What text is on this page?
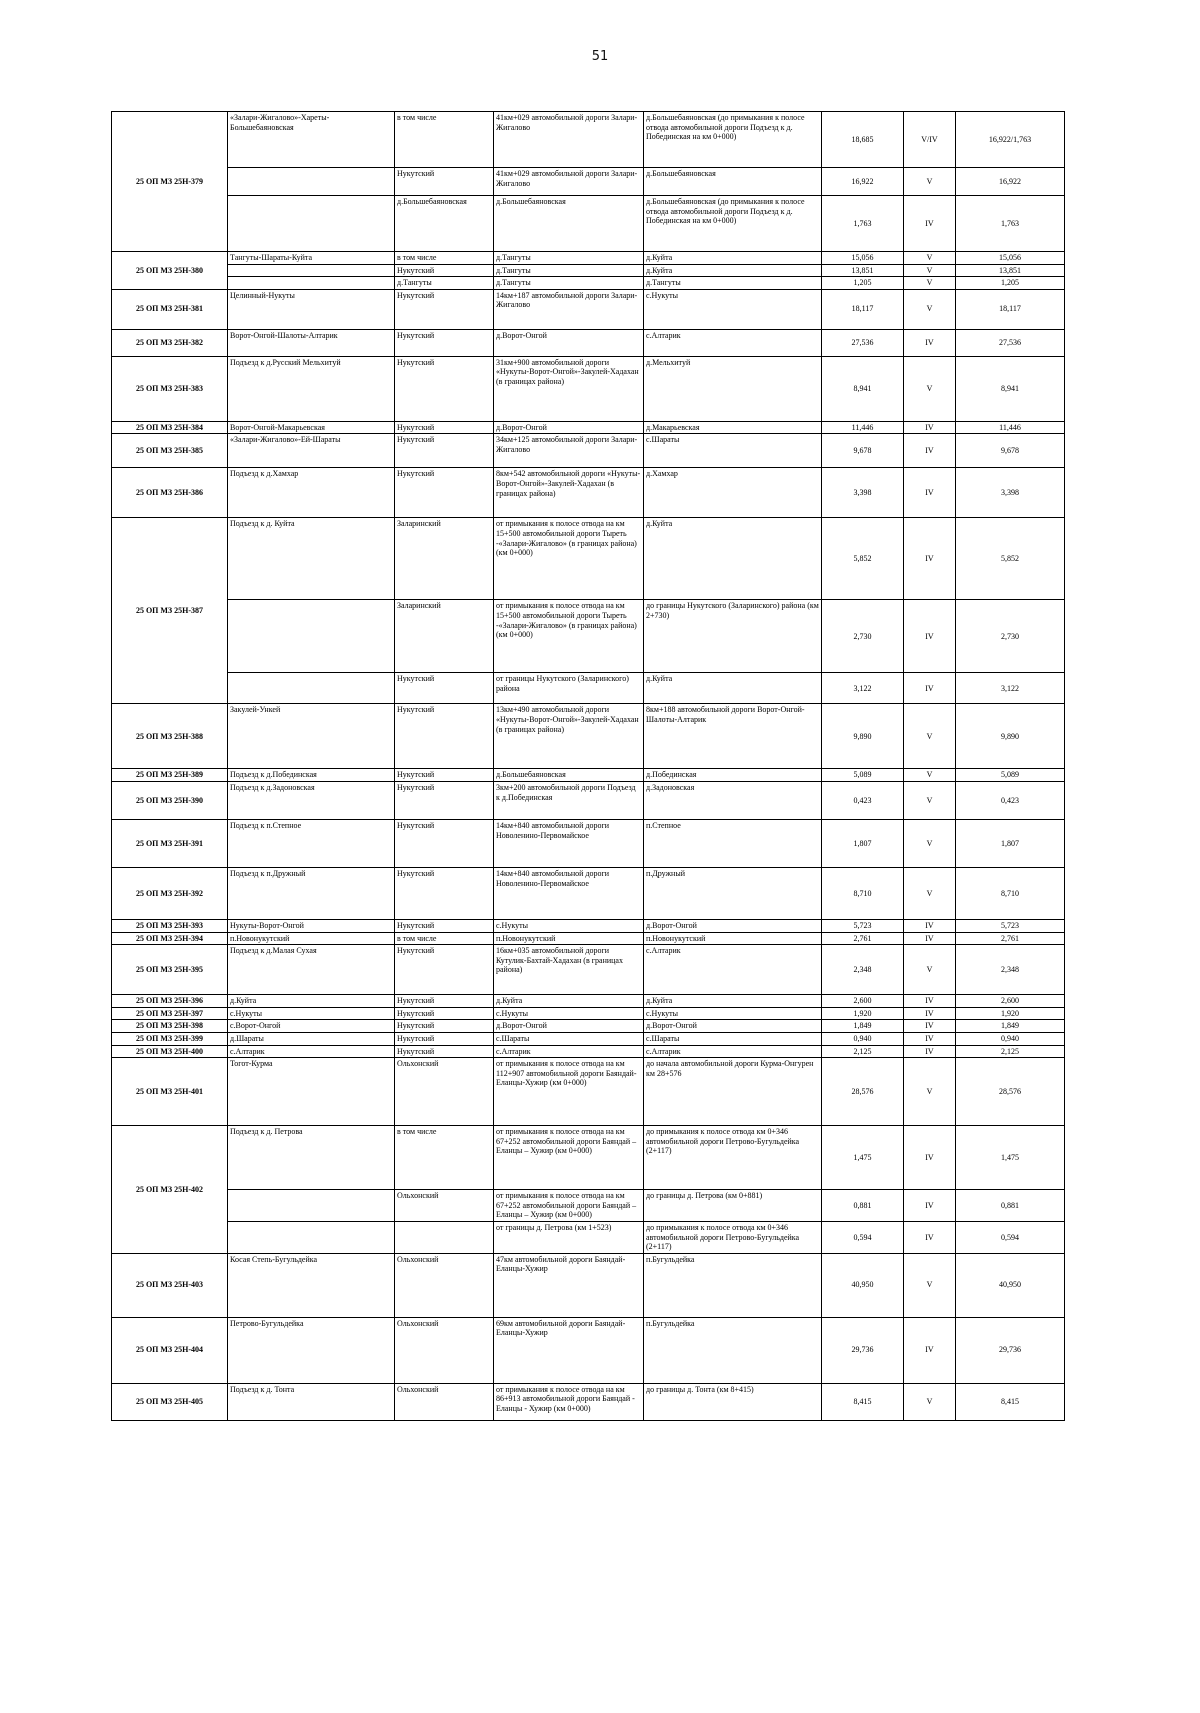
51
25 ОП МЗ 25Н-379	«Залари-Жигалово»-Хареты-Большебаяновская	в том числе	41км+029 автомобильной дороги Залари-Жигалово	д.Большебаяновская (до примыкания к полосе отвода автомобильной дороги Подъезд к д. Побединская на км 0+000)	18,685	V/IV	16,922/1,763
		Нукутский	41км+029 автомобильной дороги Залари-Жигалово	д.Большебаяновская	16,922	V	16,922
		д.Большебаяновская	д.Большебаяновская	д.Большебаяновская (до примыкания к полосе отвода автомобильной дороги Подъезд к д. Побединская на км 0+000)	1,763	IV	1,763
25 ОП МЗ 25Н-380	Тангуты-Шараты-Куйта	в том числе	д.Тангуты	д.Куйта	15,056	V	15,056
		Нукутский	д.Тангуты	д.Куйта	13,851	V	13,851
		д.Тангуты	д.Тангуты	д.Тангуты	1,205	V	1,205
25 ОП МЗ 25Н-381	Целинный-Нукуты	Нукутский	14км+187 автомобильной дороги Залари-Жигалово	с.Нукуты	18,117	V	18,117
25 ОП МЗ 25Н-382	Ворот-Онгой-Шалоты-Алтарик	Нукутский	д.Ворот-Онгой	с.Алтарик	27,536	IV	27,536
25 ОП МЗ 25Н-383	Подъезд к д.Русский Мельхитуй	Нукутский	31км+900 автомобильной дороги «Нукуты-Ворот-Онгой»-Закулей-Хадахан (в границах района)	д.Мельхитуй	8,941	V	8,941
25 ОП МЗ 25Н-384	Ворот-Онгой-Макарьевская	Нукутский	д.Ворот-Онгой	д.Макарьевская	11,446	IV	11,446
25 ОП МЗ 25Н-385	«Залари-Жигалово»-Ей-Шараты	Нукутский	34км+125 автомобильной дороги Залари-Жигалово	с.Шараты	9,678	IV	9,678
25 ОП МЗ 25Н-386	Подъезд к д.Хамхар	Нукутский	8км+542 автомобильной дороги «Нукуты-Ворот-Онгой»-Закулей-Хадахан (в границах района)	д.Хамхар	3,398	IV	3,398
25 ОП МЗ 25Н-387	Подъезд к д. Куйта	Заларинский	от примыкания к полосе отвода на км 15+500 автомобильной дороги Тыреть -«Залари-Жигалово» (в границах района) (км 0+000)	д.Куйта	5,852	IV	5,852
		Заларинский	от примыкания к полосе отвода на км 15+500 автомобильной дороги Тыреть -«Залари-Жигалово» (в границах района) (км 0+000)	до границы Нукутского (Заларинского) района (км 2+730)	2,730	IV	2,730
		Нукутский	от границы Нукутского (Заларинского) района	д.Куйта	3,122	IV	3,122
25 ОП МЗ 25Н-388	Закулей-Ункей	Нукутский	13км+490 автомобильной дороги «Нукуты-Ворот-Онгой»-Закулей-Хадахан (в границах района)	8км+188 автомобильной дороги Ворот-Онгой-Шалоты-Алтарик	9,890	V	9,890
25 ОП МЗ 25Н-389	Подъезд к д.Побединская	Нукутский	д.Большебаяновская	д.Побединская	5,089	V	5,089
25 ОП МЗ 25Н-390	Подъезд к д.Задоновская	Нукутский	3км+200 автомобильной дороги Подъезд к д.Побединская	д.Задоновская	0,423	V	0,423
25 ОП МЗ 25Н-391	Подъезд к п.Степное	Нукутский	14км+840 автомобильной дороги Новоленино-Первомайское	п.Степное	1,807	V	1,807
25 ОП МЗ 25Н-392	Подъезд к п.Дружный	Нукутский	14км+840 автомобильной дороги Новоленино-Первомайское	п.Дружный	8,710	V	8,710
25 ОП МЗ 25Н-393	Нукуты-Ворот-Онгой	Нукутский	с.Нукуты	д.Ворот-Онгой	5,723	IV	5,723
25 ОП МЗ 25Н-394	п.Новонукутский	в том числе	п.Новонукутский	п.Новонукутский	2,761	IV	2,761
25 ОП МЗ 25Н-395	Подъезд к д.Малая Сухая	Нукутский	16км+035 автомобильной дороги Кутулик-Бахтай-Хадахан (в границах района)	с.Алтарик	2,348	V	2,348
25 ОП МЗ 25Н-396	д.Куйта	Нукутский	д.Куйта	д.Куйта	2,600	IV	2,600
25 ОП МЗ 25Н-397	с.Нукуты	Нукутский	с.Нукуты	с.Нукуты	1,920	IV	1,920
25 ОП МЗ 25Н-398	с.Ворот-Онгой	Нукутский	д.Ворот-Онгой	д.Ворот-Онгой	1,849	IV	1,849
25 ОП МЗ 25Н-399	д.Шараты	Нукутский	с.Шараты	с.Шараты	0,940	IV	0,940
25 ОП МЗ 25Н-400	с.Алтарик	Нукутский	с.Алтарик	с.Алтарик	2,125	IV	2,125
25 ОП МЗ 25Н-401	Тогот-Курма	Ольхонский	от примыкания к полосе отвода на км 112+907 автомобильной дороги Баяндай-Еланцы-Хужир (км 0+000)	до начала автомобильной дороги Курма-Онгурен км 28+576	28,576	V	28,576
25 ОП МЗ 25Н-402	Подъезд к д. Петрова	в том числе	от примыкания к полосе отвода на км 67+252 автомобильной дороги Баяндай – Еланцы – Хужир (км 0+000)	до примыкания к полосе отвода км 0+346 автомобильной дороги Петрово-Бугульдейка (2+117)	1,475	IV	1,475
		Ольхонский	от примыкания к полосе отвода на км 67+252 автомобильной дороги Баяндай – Еланцы – Хужир (км 0+000)	до границы д. Петрова (км 0+881)	0,881	IV	0,881
			от границы д. Петрова (км 1+523)	до примыкания к полосе отвода км 0+346 автомобильной дороги Петрово-Бугульдейка (2+117)	0,594	IV	0,594
25 ОП МЗ 25Н-403	Косая Степь-Бугульдейка	Ольхонский	47км автомобильной дороги Баяндай-Еланцы-Хужир	п.Бугульдейка	40,950	V	40,950
25 ОП МЗ 25Н-404	Петрово-Бугульдейка	Ольхонский	69км автомобильной дороги Баяндай-Еланцы-Хужир	п.Бугульдейка	29,736	IV	29,736
25 ОП МЗ 25Н-405	Подъезд к д. Тонта	Ольхонский	от примыкания к полосе отвода на км 86+913 автомобильной дороги Баяндай - Еланцы - Хужир (км 0+000)	до границы д. Тонта (км 8+415)	8,415	V	8,415
